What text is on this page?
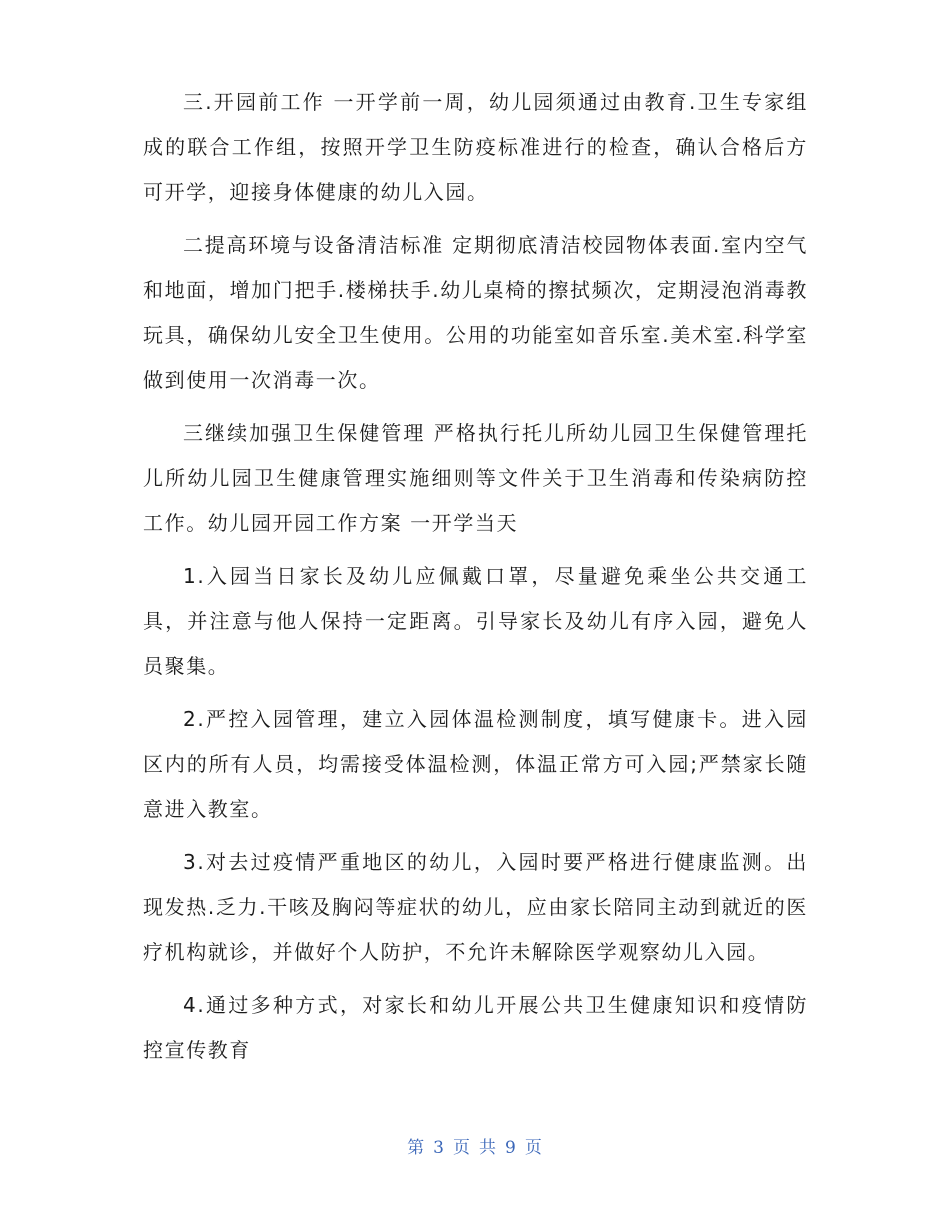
三.开园前工作 一开学前一周，幼儿园须通过由教育.卫生专家组成的联合工作组，按照开学卫生防疫标准进行的检查，确认合格后方可开学，迎接身体健康的幼儿入园。

二提高环境与设备清洁标准 定期彻底清洁校园物体表面.室内空气和地面，增加门把手.楼梯扶手.幼儿桌椅的擦拭频次，定期浸泡消毒教玩具，确保幼儿安全卫生使用。公用的功能室如音乐室.美术室.科学室做到使用一次消毒一次。

三继续加强卫生保健管理 严格执行托儿所幼儿园卫生保健管理托儿所幼儿园卫生健康管理实施细则等文件关于卫生消毒和传染病防控工作。幼儿园开园工作方案 一开学当天

1.入园当日家长及幼儿应佩戴口罩，尽量避免乘坐公共交通工具，并注意与他人保持一定距离。引导家长及幼儿有序入园，避免人员聚集。

2.严控入园管理，建立入园体温检测制度，填写健康卡。进入园区内的所有人员，均需接受体温检测，体温正常方可入园;严禁家长随意进入教室。

3.对去过疫情严重地区的幼儿，入园时要严格进行健康监测。出现发热.乏力.干咳及胸闷等症状的幼儿，应由家长陪同主动到就近的医疗机构就诊，并做好个人防护，不允许未解除医学观察幼儿入园。

4.通过多种方式，对家长和幼儿开展公共卫生健康知识和疫情防控宣传教育

第 3 页 共 9 页
